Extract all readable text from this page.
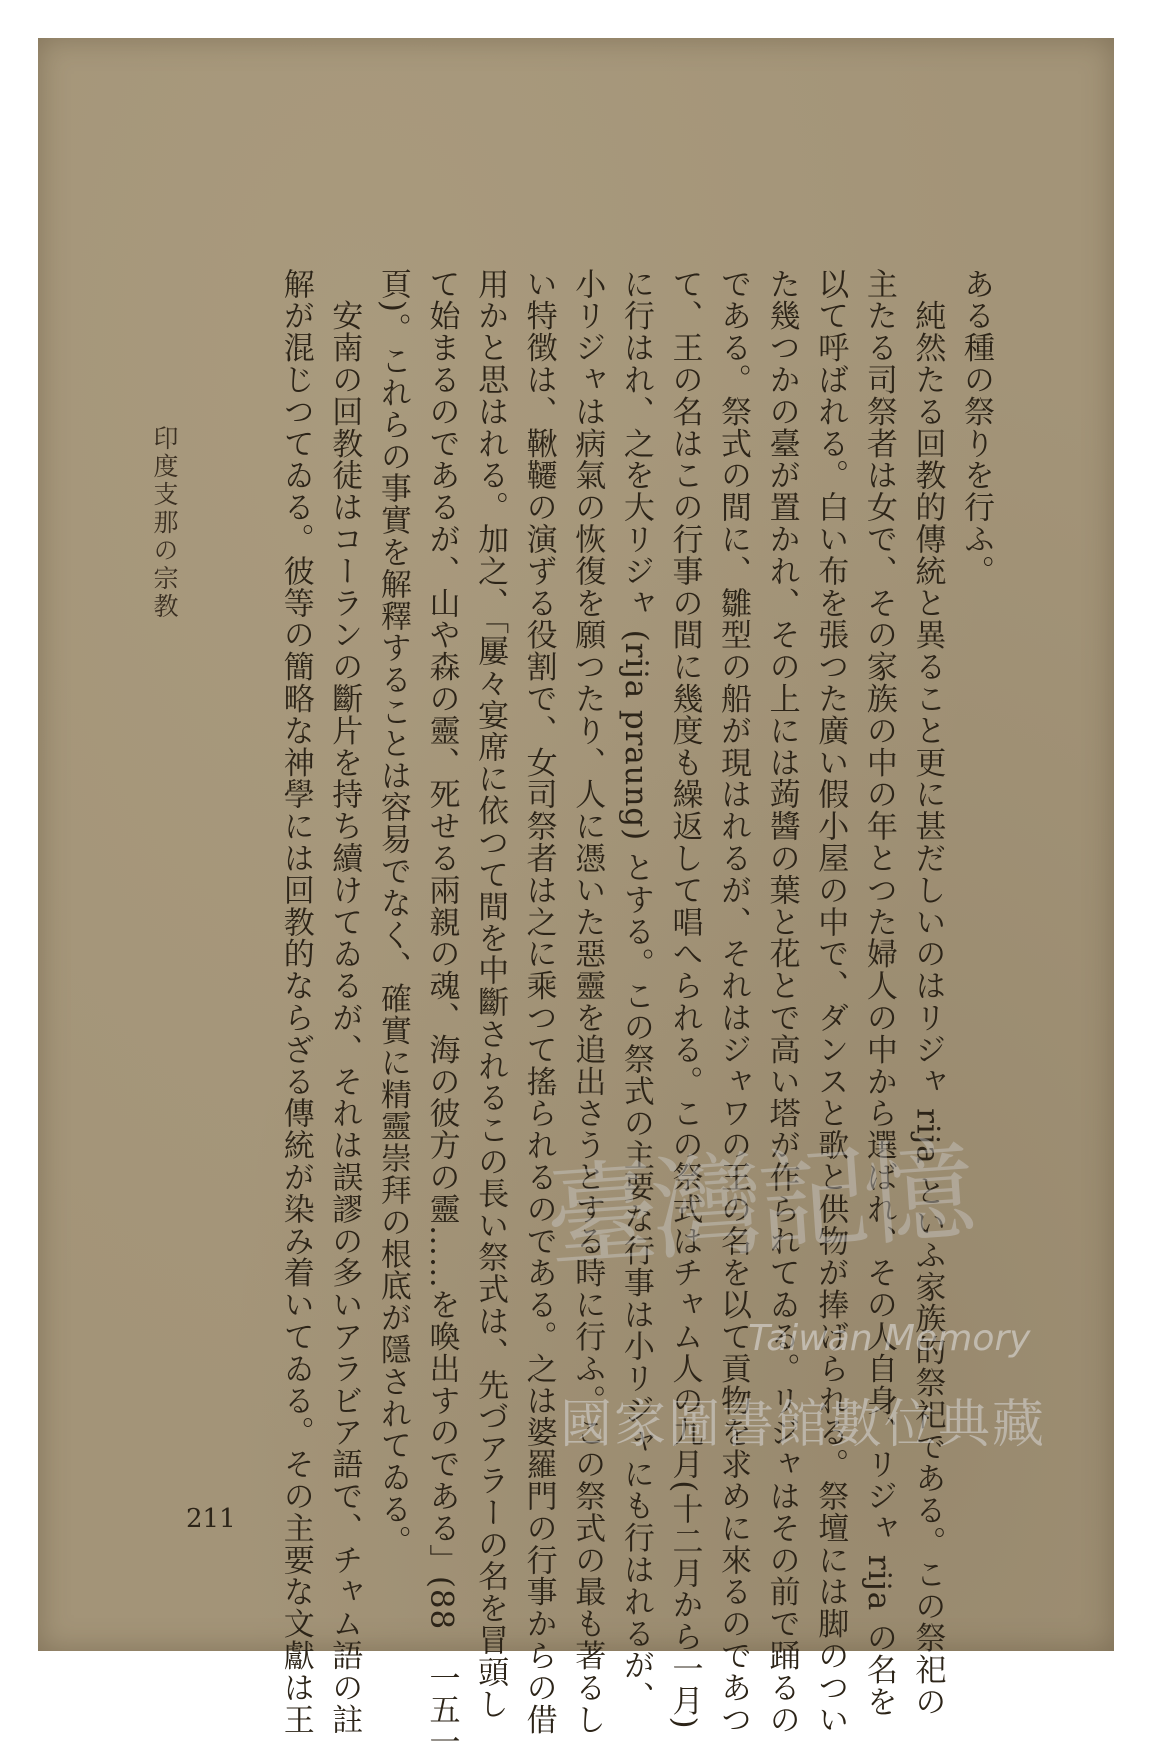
ある種の祭りを行ふ。

　純然たる回教的傳統と異ること更に甚だしいのはリジャ rija といふ家族的祭祀である。この祭祀の

主たる司祭者は女で、その家族の中の年とつた婦人の中から選ばれ、その人自身、リジャ rija の名を

以て呼ばれる。白い布を張つた廣い假小屋の中で、ダンスと歌と供物が捧げられる。祭壇には脚のつい

た幾つかの臺が置かれ、その上には蒟醬の葉と花とで高い塔が作られてゐる。リジャはその前で踊るの

である。祭式の間に、雛型の船が現はれるが、それはジャワの王の名を以て貢物を求めに來るのであつ

て、王の名はこの行事の間に幾度も繰返して唱へられる。この祭式はチャム人の九月(十二月から一月)

に行はれ、之を大リジャ (rija praung) とする。この祭式の主要な行事は小リジャにも行はれるが、

小リジャは病氣の恢復を願つたり、人に憑いた惡靈を追出さうとする時に行ふ。この祭式の最も著るし

い特徴は、鞦韆の演ずる役割で、女司祭者は之に乘つて搖られるのである。之は婆羅門の行事からの借

用かと思はれる。加之、「屢々宴席に依つて間を中斷されるこの長い祭式は、先づアラーの名を冒頭し

て始まるのであるが、山や森の靈、死せる兩親の魂、海の彼方の靈……を喚出すのである」(88　一五一

頁)。これらの事實を解釋することは容易でなく、確實に精靈崇拜の根底が隱されてゐる。

　安南の回教徒はコーランの斷片を持ち續けてゐるが、それは誤謬の多いアラビア語で、チャム語の註

解が混じつてゐる。彼等の簡略な神學には回教的ならざる傳統が染み着いてゐる。その主要な文獻は王

印度支那の宗教
211
臺灣記憶
Taiwan Memory
國家圖書館數位典藏
